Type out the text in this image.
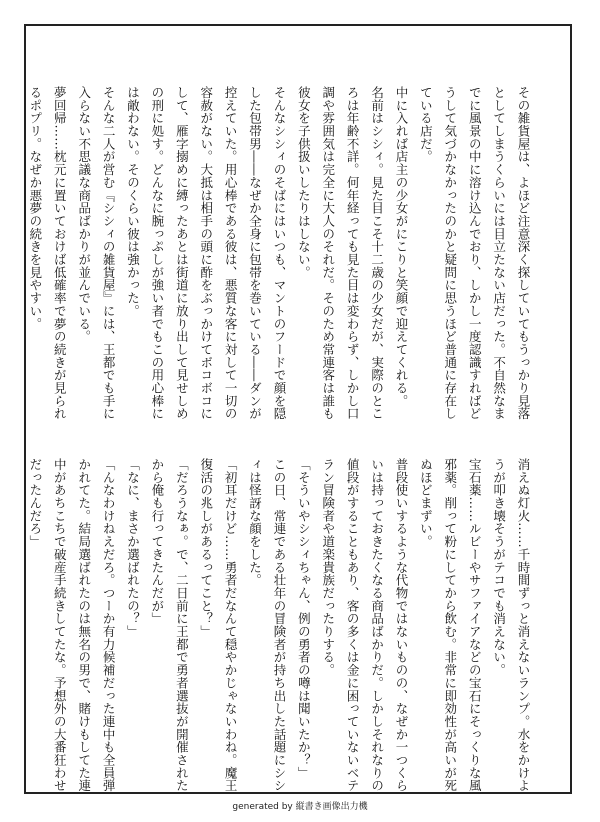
その雑貨屋は、よほど注意深く探していてもうっかり見落としてしまうくらいには目立たない店だった。不自然なまでに風景の中に溶け込んでおり、しかし一度認識すればどうして気づかなかったのかと疑問に思うほど普通に存在している店だ。

中に入れば店主の少女がにこりと笑顔で迎えてくれる。

名前はシシィ。見た目こそ十二歳の少女だが、実際のところは年齢不詳。何年経っても見た目は変わらず、しかし口調や雰囲気は完全に大人のそれだ。そのため常連客は誰も彼女を子供扱いしたりはしない。

そんなシシィのそばにはいつも、マントのフードで顔を隠した包帯男――なぜか全身に包帯を巻いている――ダンが控えていた。用心棒である彼は、悪質な客に対して一切の容赦がない。大抵は相手の頭に酢をぶっかけてボコボコにして、雁字搦めに縛ったあとは街道に放り出して見せしめの刑に処す。どんなに腕っぷしが強い者でもこの用心棒には敵わない。そのくらい彼は強かった。

そんな二人が営む『シシィの雑貨屋』には、王都でも手に入らない不思議な商品ばかりが並んでいる。

夢回帰……枕元に置いておけば低確率で夢の続きが見られるポプリ。なぜか悪夢の続きを見やすい。

消えぬ灯火……千時間ずっと消えないランプ。水をかけようが叩き壊そうがテコでも消えない。

宝石薬……ルビーやサファイアなどの宝石にそっくりな風邪薬。削って粉にしてから飲む。非常に即効性が高いが死ぬほどまずい。

普段使いするような代物ではないものの、なぜか一つくらいは持っておきたくなる商品ばかりだ。しかしそれなりの値段がすることもあり、客の多くは金に困っていないベテラン冒険者や道楽貴族だったりする。

「そういやシシィちゃん、例の勇者の噂は聞いたか？」

この日、常連である壮年の冒険者が持ち出した話題にシシィは怪訝な顔をした。

「初耳だけど……勇者だなんて穏やかじゃないわね。魔王復活の兆しがあるってこと？」

「だろうなぁ。で、二日前に王都で勇者選抜が開催されたから俺も行ってきたんだが」

「なに、まさか選ばれたの？」

「んなわけねえだろ。つーか有力候補だった連中も全員弾かれてた。結局選ばれたのは無名の男で、賭けもしてた連中があちこちで破産手続きしてたな。予想外の大番狂わせだったんだろ」

generated by 縦書き画像出力機
